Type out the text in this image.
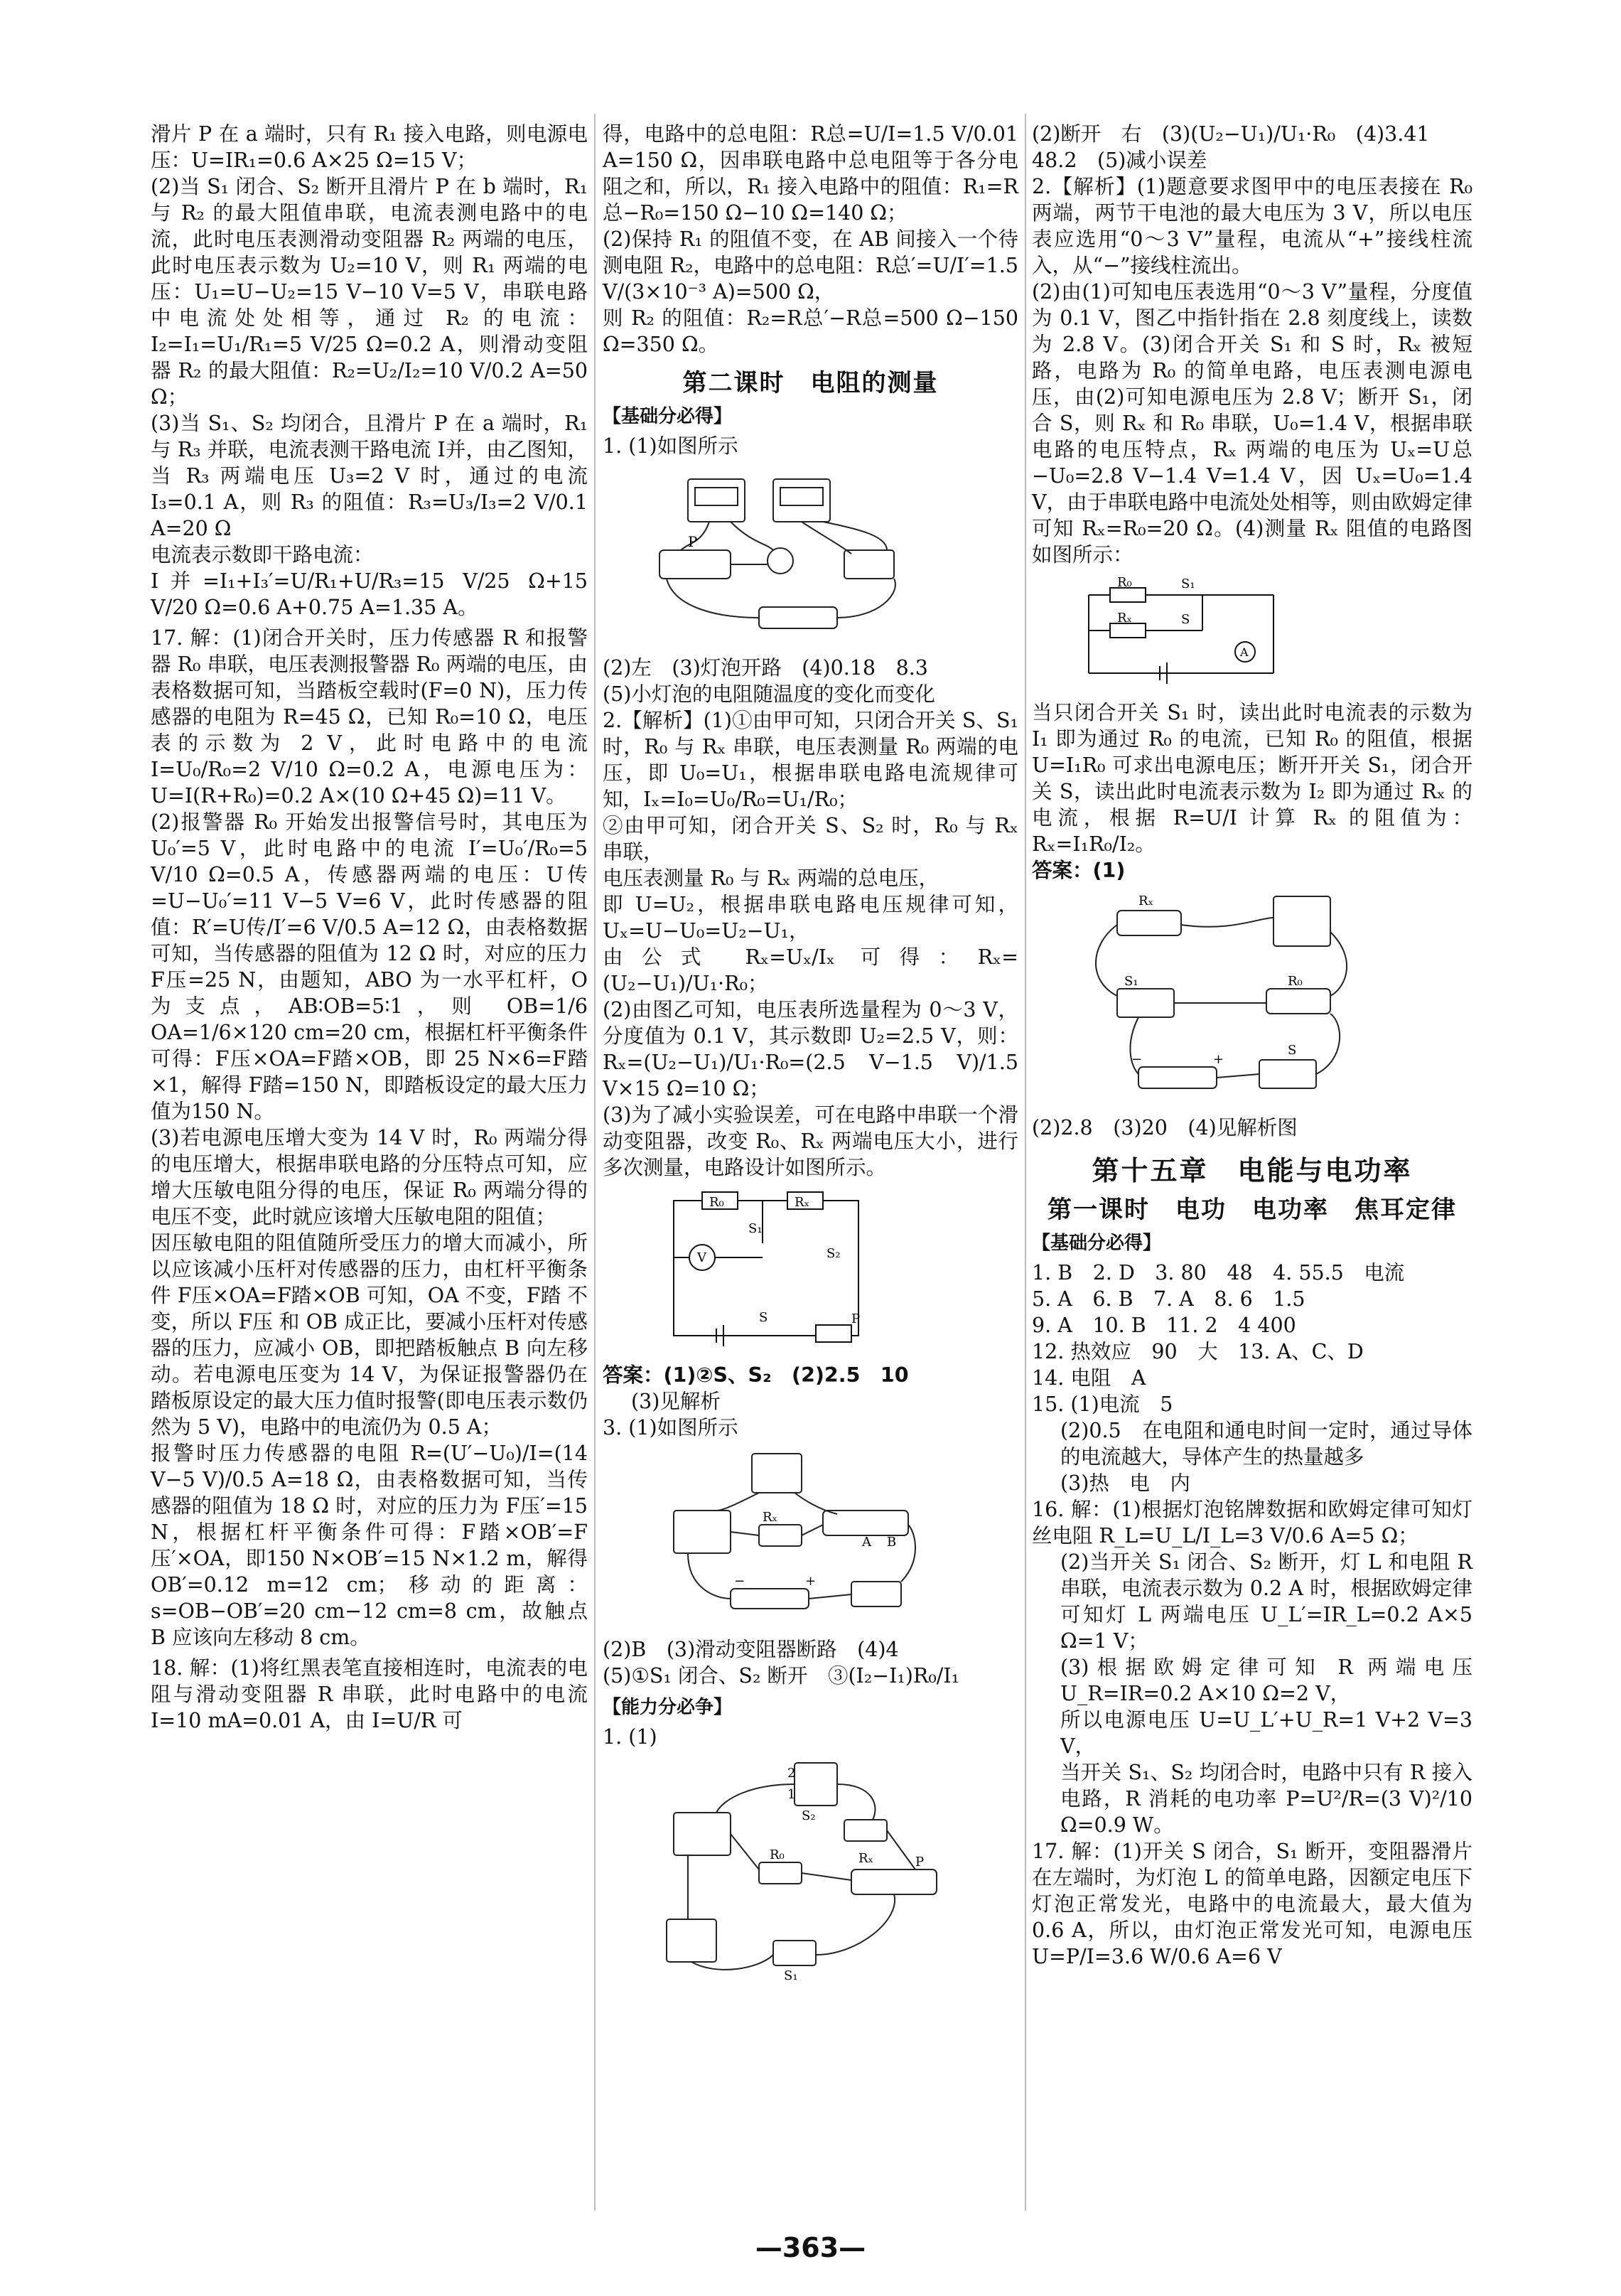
滑片 P 在 a 端时，只有 R₁ 接入电路，则电源电压：U=IR₁=0.6 A×25 Ω=15 V；

(2)当 S₁ 闭合、S₂ 断开且滑片 P 在 b 端时，R₁ 与 R₂ 的最大阻值串联，电流表测电路中的电流，此时电压表测滑动变阻器 R₂ 两端的电压，此时电压表示数为 U₂=10 V，则 R₁ 两端的电压：U₁=U−U₂=15 V−10 V=5 V，串联电路中电流处处相等，通过 R₂ 的电流：I₂=I₁=U₁/R₁=5 V/25 Ω=0.2 A，则滑动变阻器 R₂ 的最大阻值：R₂=U₂/I₂=10 V/0.2 A=50 Ω；

(3)当 S₁、S₂ 均闭合，且滑片 P 在 a 端时，R₁ 与 R₃ 并联，电流表测干路电流 I并，由乙图知，当 R₃ 两端电压 U₃=2 V 时，通过的电流 I₃=0.1 A，则 R₃ 的阻值：R₃=U₃/I₃=2 V/0.1 A=20 Ω

电流表示数即干路电流：

I并=I₁+I₃′=U/R₁+U/R₃=15 V/25 Ω+15 V/20 Ω=0.6 A+0.75 A=1.35 A。

17. 解：(1)闭合开关时，压力传感器 R 和报警器 R₀ 串联，电压表测报警器 R₀ 两端的电压，由表格数据可知，当踏板空载时(F=0 N)，压力传感器的电阻为 R=45 Ω，已知 R₀=10 Ω，电压表的示数为 2 V，此时电路中的电流 I=U₀/R₀=2 V/10 Ω=0.2 A，电源电压为：U=I(R+R₀)=0.2 A×(10 Ω+45 Ω)=11 V。

(2)报警器 R₀ 开始发出报警信号时，其电压为 U₀′=5 V，此时电路中的电流 I′=U₀′/R₀=5 V/10 Ω=0.5 A，传感器两端的电压：U传=U−U₀′=11 V−5 V=6 V，此时传感器的阻值：R′=U传/I′=6 V/0.5 A=12 Ω，由表格数据可知，当传感器的阻值为 12 Ω 时，对应的压力 F压=25 N，由题知，ABO 为一水平杠杆，O 为支点，AB∶OB=5∶1，则 OB=1/6 OA=1/6×120 cm=20 cm，根据杠杆平衡条件可得：F压×OA=F踏×OB，即 25 N×6=F踏×1，解得 F踏=150 N，即踏板设定的最大压力值为150 N。

(3)若电源电压增大变为 14 V 时，R₀ 两端分得的电压增大，根据串联电路的分压特点可知，应增大压敏电阻分得的电压，保证 R₀ 两端分得的电压不变，此时就应该增大压敏电阻的阻值；

因压敏电阻的阻值随所受压力的增大而减小，所以应该减小压杆对传感器的压力，由杠杆平衡条件 F压×OA=F踏×OB 可知，OA 不变，F踏 不变，所以 F压 和 OB 成正比，要减小压杆对传感器的压力，应减小 OB，即把踏板触点 B 向左移动。若电源电压变为 14 V，为保证报警器仍在踏板原设定的最大压力值时报警(即电压表示数仍然为 5 V)，电路中的电流仍为 0.5 A；

报警时压力传感器的电阻 R=(U′−U₀)/I=(14 V−5 V)/0.5 A=18 Ω，由表格数据可知，当传感器的阻值为 18 Ω 时，对应的压力为 F压′=15 N，根据杠杆平衡条件可得：F踏×OB′=F压′×OA，即150 N×OB′=15 N×1.2 m，解得 OB′=0.12 m=12 cm；移动的距离：s=OB−OB′=20 cm−12 cm=8 cm，故触点 B 应该向左移动 8 cm。

18. 解：(1)将红黑表笔直接相连时，电流表的电阻与滑动变阻器 R 串联，此时电路中的电流 I=10 mA=0.01 A，由 I=U/R 可

得，电路中的总电阻：R总=U/I=1.5 V/0.01 A=150 Ω，因串联电路中总电阻等于各分电阻之和，所以，R₁ 接入电路中的阻值：R₁=R总−R₀=150 Ω−10 Ω=140 Ω；

(2)保持 R₁ 的阻值不变，在 AB 间接入一个待测电阻 R₂，电路中的总电阻：R总′=U/I′=1.5 V/(3×10⁻³ A)=500 Ω，

则 R₂ 的阻值：R₂=R总′−R总=500 Ω−150 Ω=350 Ω。

第二课时　电阻的测量
【基础分必得】

1. (1)如图所示

P

(2)左　(3)灯泡开路　(4)0.18　8.3

(5)小灯泡的电阻随温度的变化而变化

2.【解析】(1)①由甲可知，只闭合开关 S、S₁ 时，R₀ 与 Rₓ 串联，电压表测量 R₀ 两端的电压，即 U₀=U₁，根据串联电路电流规律可知，Iₓ=I₀=U₀/R₀=U₁/R₀；

②由甲可知，闭合开关 S、S₂ 时，R₀ 与 Rₓ 串联，

电压表测量 R₀ 与 Rₓ 两端的总电压，

即 U=U₂，根据串联电路电压规律可知，Uₓ=U−U₀=U₂−U₁，

由公式 Rₓ=Uₓ/Iₓ 可得：Rₓ=(U₂−U₁)/U₁·R₀；

(2)由图乙可知，电压表所选量程为 0～3 V，分度值为 0.1 V，其示数即 U₂=2.5 V，则：Rₓ=(U₂−U₁)/U₁·R₀=(2.5 V−1.5 V)/1.5 V×15 Ω=10 Ω；

(3)为了减小实验误差，可在电路中串联一个滑动变阻器，改变 R₀、Rₓ 两端电压大小，进行多次测量，电路设计如图所示。

R₀	Rₓ
S₁
S₂
V
S	P

答案：(1)②S、S₂　(2)2.5　10

(3)见解析

3. (1)如图所示

Rₓ
A B
−	+

(2)B　(3)滑动变阻器断路　(4)4

(5)①S₁ 闭合、S₂ 断开　③(I₂−I₁)R₀/I₁

【能力分必争】

1. (1)

2
1
S₂
R₀	Rₓ	P
S₁

(2)断开　右　(3)(U₂−U₁)/U₁·R₀　(4)3.41

48.2　(5)减小误差

2.【解析】(1)题意要求图甲中的电压表接在 R₀ 两端，两节干电池的最大电压为 3 V，所以电压表应选用“0～3 V”量程，电流从“+”接线柱流入，从“−”接线柱流出。

(2)由(1)可知电压表选用“0～3 V”量程，分度值为 0.1 V，图乙中指针指在 2.8 刻度线上，读数为 2.8 V。(3)闭合开关 S₁ 和 S 时，Rₓ 被短路，电路为 R₀ 的简单电路，电压表测电源电压，由(2)可知电源电压为 2.8 V；断开 S₁，闭合 S，则 Rₓ 和 R₀ 串联，U₀=1.4 V，根据串联电路的电压特点，Rₓ 两端的电压为 Uₓ=U总−U₀=2.8 V−1.4 V=1.4 V，因 Uₓ=U₀=1.4 V，由于串联电路中电流处处相等，则由欧姆定律可知 Rₓ=R₀=20 Ω。(4)测量 Rₓ 阻值的电路图如图所示：

R₀
Rₓ
S₁
S
A

当只闭合开关 S₁ 时，读出此时电流表的示数为 I₁ 即为通过 R₀ 的电流，已知 R₀ 的阻值，根据 U=I₁R₀ 可求出电源电压；断开开关 S₁，闭合开关 S，读出此时电流表示数为 I₂ 即为通过 Rₓ 的电流，根据 R=U/I 计算 Rₓ 的阻值为：Rₓ=I₁R₀/I₂。

答案：(1)

Rₓ
S₁	R₀
S
−	+

(2)2.8　(3)20　(4)见解析图

第十五章　电能与电功率
第一课时　电功　电功率　焦耳定律
【基础分必得】

1. B　2. D　3. 80　48　4. 55.5　电流

5. A　6. B　7. A　8. 6　1.5

9. A　10. B　11. 2　4 400

12. 热效应　90　大　13. A、C、D

14. 电阻　A

15. (1)电流　5

(2)0.5　在电阻和通电时间一定时，通过导体的电流越大，导体产生的热量越多

(3)热　电　内

16. 解：(1)根据灯泡铭牌数据和欧姆定律可知灯丝电阻 R_L=U_L/I_L=3 V/0.6 A=5 Ω；

(2)当开关 S₁ 闭合、S₂ 断开，灯 L 和电阻 R 串联，电流表示数为 0.2 A 时，根据欧姆定律可知灯 L 两端电压 U_L′=IR_L=0.2 A×5 Ω=1 V；

(3)根据欧姆定律可知 R 两端电压 U_R=IR=0.2 A×10 Ω=2 V，

所以电源电压 U=U_L′+U_R=1 V+2 V=3 V，

当开关 S₁、S₂ 均闭合时，电路中只有 R 接入电路，R 消耗的电功率 P=U²/R=(3 V)²/10 Ω=0.9 W。

17. 解：(1)开关 S 闭合，S₁ 断开，变阻器滑片在左端时，为灯泡 L 的简单电路，因额定电压下灯泡正常发光，电路中的电流最大，最大值为 0.6 A，所以，由灯泡正常发光可知，电源电压 U=P/I=3.6 W/0.6 A=6 V

—363—
